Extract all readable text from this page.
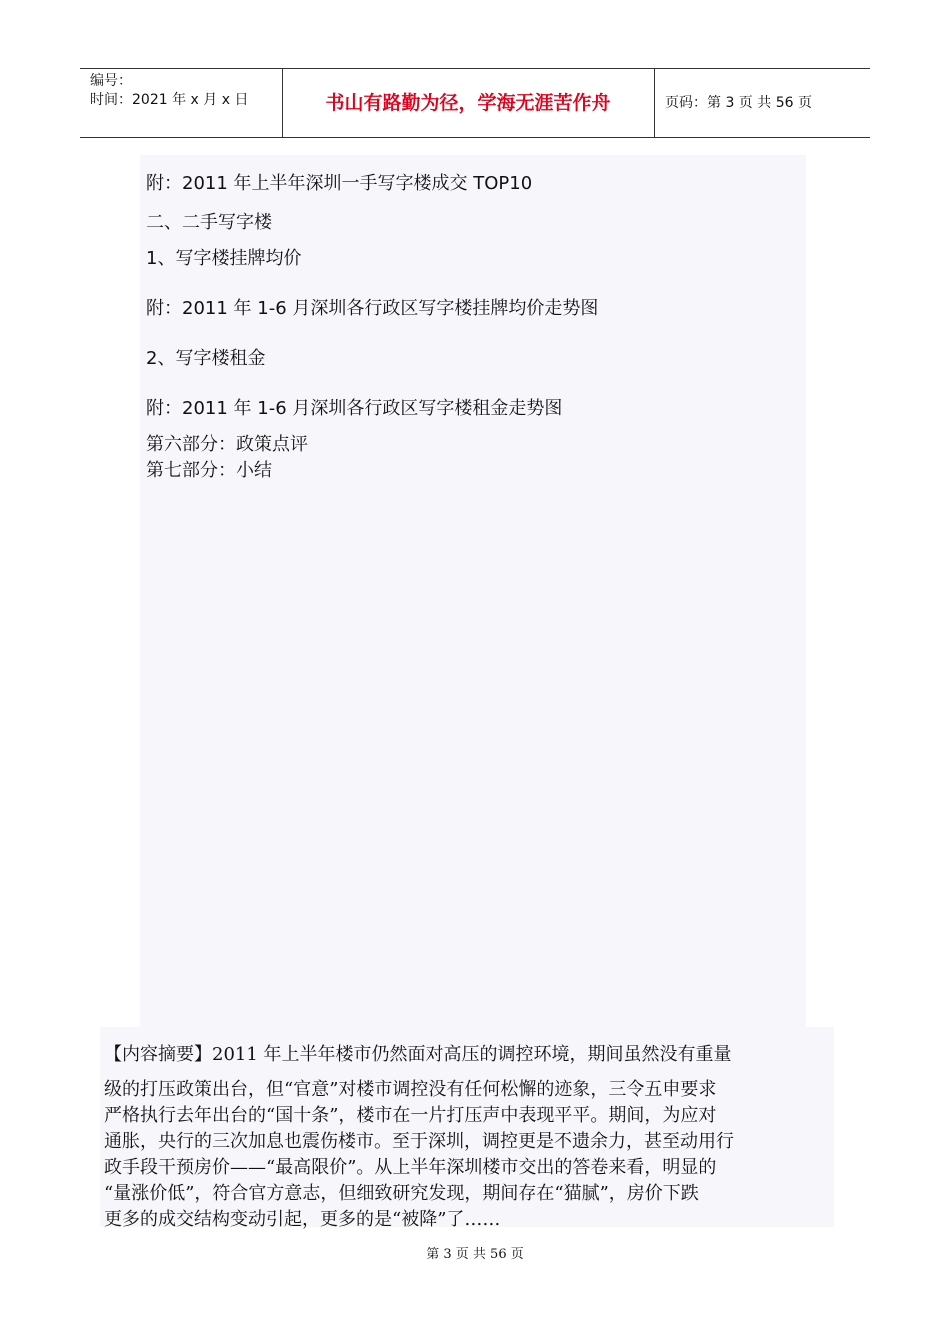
编号：
时间：2021 年 x 月 x 日	书山有路勤为径，学海无涯苦作舟	页码：第 3 页 共 56 页
附：2011 年上半年深圳一手写字楼成交 TOP10
二、二手写字楼
1、写字楼挂牌均价
附：2011 年 1-6 月深圳各行政区写字楼挂牌均价走势图
2、写字楼租金
附：2011 年 1-6 月深圳各行政区写字楼租金走势图
第六部分：政策点评
第七部分：小结
【内容摘要】2011 年上半年楼市仍然面对高压的调控环境，期间虽然没有重量
级的打压政策出台，但“官意”对楼市调控没有任何松懈的迹象，三令五申要求
严格执行去年出台的“国十条”，楼市在一片打压声中表现平平。期间，为应对
通胀，央行的三次加息也震伤楼市。至于深圳，调控更是不遗余力，甚至动用行
政手段干预房价——“最高限价”。从上半年深圳楼市交出的答卷来看，明显的
“量涨价低”，符合官方意志，但细致研究发现，期间存在“猫腻”，房价下跌
更多的成交结构变动引起，更多的是“被降”了……
第 3 页 共 56 页
